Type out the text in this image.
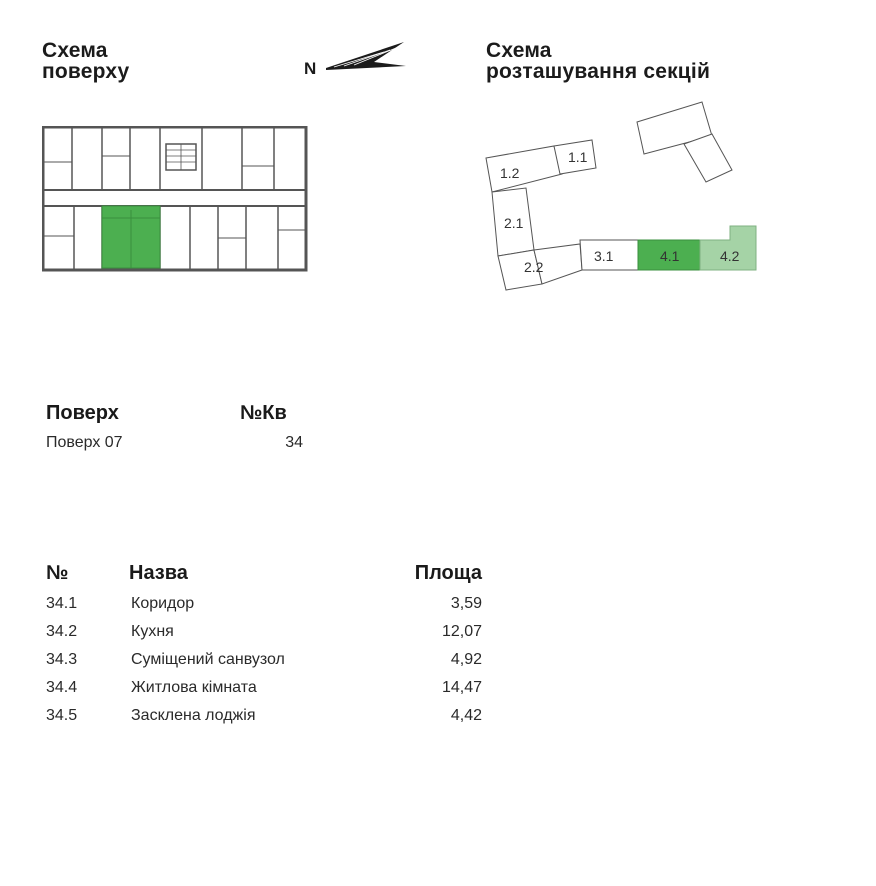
Схема
поверху	N
Схема
розташування секцій
1.1
1.2
2.1
2.2
3.1	4.1	4.2
Поверх	№Кв
Поверх 07	34
№	Назва	Площа
34.1	Коридор	3,59
34.2	Кухня	12,07
34.3	Суміщений санвузол	4,92
34.4	Житлова кімната	14,47
34.5	Засклена лоджія	4,42
